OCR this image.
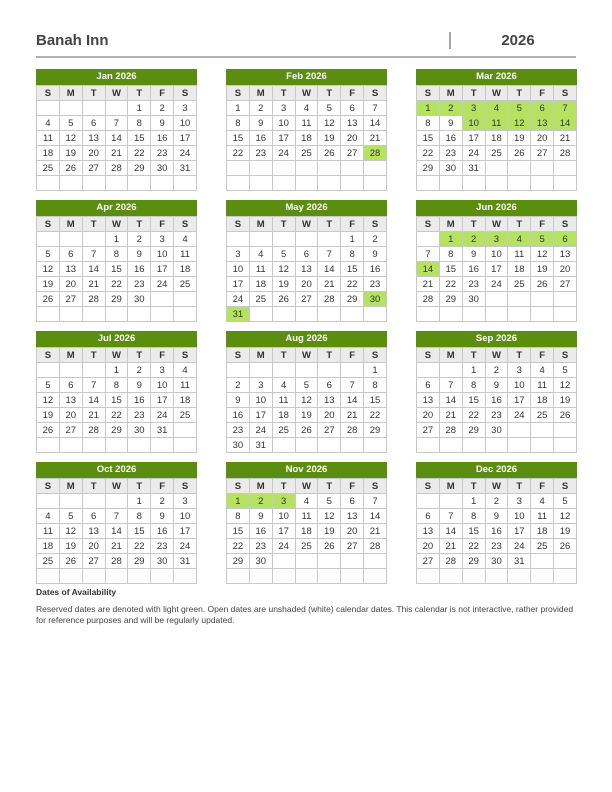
Banah Inn	2026
Jan 2026
S	M	T	W	T	F	S
				1	2	3
4	5	6	7	8	9	10
11	12	13	14	15	16	17
18	19	20	21	22	23	24
25	26	27	28	29	30	31

Feb 2026
S	M	T	W	T	F	S
1	2	3	4	5	6	7
8	9	10	11	12	13	14
15	16	17	18	19	20	21
22	23	24	25	26	27	28

Mar 2026
S	M	T	W	T	F	S
1	2	3	4	5	6	7
8	9	10	11	12	13	14
15	16	17	18	19	20	21
22	23	24	25	26	27	28
29	30	31				

Apr 2026
S	M	T	W	T	F	S
			1	2	3	4
5	6	7	8	9	10	11
12	13	14	15	16	17	18
19	20	21	22	23	24	25
26	27	28	29	30		

May 2026
S	M	T	W	T	F	S
					1	2
3	4	5	6	7	8	9
10	11	12	13	14	15	16
17	18	19	20	21	22	23
24	25	26	27	28	29	30
31						
Jun 2026
S	M	T	W	T	F	S
	1	2	3	4	5	6
7	8	9	10	11	12	13
14	15	16	17	18	19	20
21	22	23	24	25	26	27
28	29	30				

Jul 2026
S	M	T	W	T	F	S
			1	2	3	4
5	6	7	8	9	10	11
12	13	14	15	16	17	18
19	20	21	22	23	24	25
26	27	28	29	30	31	

Aug 2026
S	M	T	W	T	F	S
						1
2	3	4	5	6	7	8
9	10	11	12	13	14	15
16	17	18	19	20	21	22
23	24	25	26	27	28	29
30	31					
Sep 2026
S	M	T	W	T	F	S
		1	2	3	4	5
6	7	8	9	10	11	12
13	14	15	16	17	18	19
20	21	22	23	24	25	26
27	28	29	30			

Oct 2026
S	M	T	W	T	F	S
				1	2	3
4	5	6	7	8	9	10
11	12	13	14	15	16	17
18	19	20	21	22	23	24
25	26	27	28	29	30	31

Nov 2026
S	M	T	W	T	F	S
1	2	3	4	5	6	7
8	9	10	11	12	13	14
15	16	17	18	19	20	21
22	23	24	25	26	27	28
29	30					

Dec 2026
S	M	T	W	T	F	S
		1	2	3	4	5
6	7	8	9	10	11	12
13	14	15	16	17	18	19
20	21	22	23	24	25	26
27	28	29	30	31		

Dates of Availability
Reserved dates are denoted with light green. Open dates are unshaded (white) calendar dates. This calendar is not interactive, rather provided for reference purposes and will be regularly updated.
